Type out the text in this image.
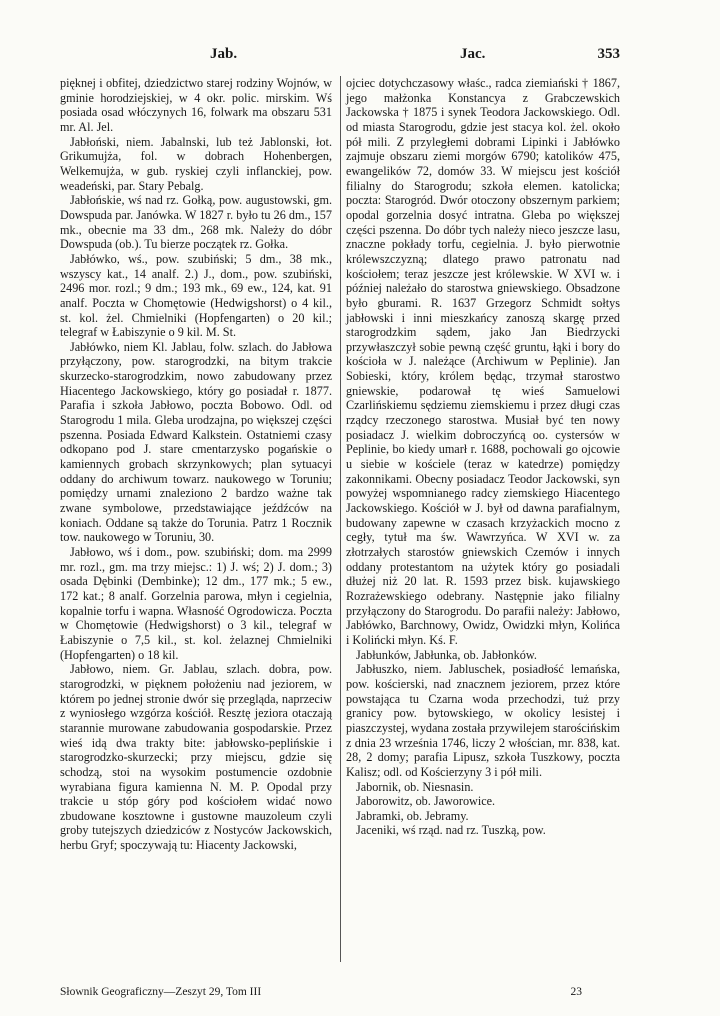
Jab.	Jac.	353

pięknej i obfitej, dziedzictwo starej rodziny Wojnów, w gminie horodziejskiej, w 4 okr. polic. mirskim. Wś posiada osad włóczynych 16, folwark ma obszaru 531 mr. Al. Jel.

Jabłoński, niem. Jabalnski, lub też Jablonski, łot. Grikumujża, fol. w dobrach Hohenbergen, Welkemujża, w gub. ryskiej czyli inflanckiej, pow. weadeński, par. Stary Pebalg.

Jabłońskie, wś nad rz. Gołką, pow. augustowski, gm. Dowspuda par. Janówka. W 1827 r. było tu 26 dm., 157 mk., obecnie ma 33 dm., 268 mk. Należy do dóbr Dowspuda (ob.). Tu bierze początek rz. Gołka.

Jabłówko, wś., pow. szubiński; 5 dm., 38 mk., wszyscy kat., 14 analf. 2.) J., dom., pow. szubiński, 2496 mor. rozl.; 9 dm.; 193 mk., 69 ew., 124, kat. 91 analf. Poczta w Chomętowie (Hedwigshorst) o 4 kil., st. kol. żel. Chmielniki (Hopfengarten) o 20 kil.; telegraf w Łabiszynie o 9 kil. M. St.

Jabłówko, niem Kl. Jablau, folw. szlach. do Jabłowa przyłączony, pow. starogrodzki, na bitym trakcie skurzecko-starogrodzkim, nowo zabudowany przez Hiacentego Jackowskiego, który go posiadał r. 1877. Parafia i szkoła Jabłowo, poczta Bobowo. Odl. od Starogrodu 1 mila. Gleba urodzajna, po większej części pszenna. Posiada Edward Kalkstein. Ostatniemi czasy odkopano pod J. stare cmentarzysko pogańskie o kamiennych grobach skrzynkowych; plan sytuacyi oddany do archiwum towarz. naukowego w Toruniu; pomiędzy urnami znaleziono 2 bardzo ważne tak zwane symbolowe, przedstawiające jeźdźców na koniach. Oddane są także do Torunia. Patrz 1 Rocznik tow. naukowego w Toruniu, 30.

Jabłowo, wś i dom., pow. szubiński; dom. ma 2999 mr. rozl., gm. ma trzy miejsc.: 1) J. wś; 2) J. dom.; 3) osada Dębinki (Dembinke); 12 dm., 177 mk.; 5 ew., 172 kat.; 8 analf. Gorzelnia parowa, młyn i cegielnia, kopalnie torfu i wapna. Własność Ogrodowicza. Poczta w Chomętowie (Hedwigshorst) o 3 kil., telegraf w Łabiszynie o 7,5 kil., st. kol. żelaznej Chmielniki (Hopfengarten) o 18 kil.

Jabłowo, niem. Gr. Jablau, szlach. dobra, pow. starogrodzki, w pięknem położeniu nad jeziorem, w którem po jednej stronie dwór się przegląda, naprzeciw z wyniosłego wzgórza kościół. Resztę jeziora otaczają starannie murowane zabudowania gospodarskie. Przez wieś idą dwa trakty bite: jabłowsko-peplińskie i starogrodzko-skurzecki; przy miejscu, gdzie się schodzą, stoi na wysokim postumencie ozdobnie wyrabiana figura kamienna N. M. P. Opodal przy trakcie u stóp góry pod kościołem widać nowo zbudowane kosztowne i gustowne mauzoleum czyli groby tutejszych dziedziców z Nostyców Jackowskich, herbu Gryf; spoczywają tu: Hiacenty Jackowski,

ojciec dotychczasowy właśc., radca ziemiański † 1867, jego małżonka Konstancya z Grabczewskich Jackowska † 1875 i synek Teodora Jackowskiego. Odl. od miasta Starogrodu, gdzie jest stacya kol. żel. około pół mili. Z przyległemi dobrami Lipinki i Jabłówko zajmuje obszaru ziemi morgów 6790; katolików 475, ewangelików 72, domów 33. W miejscu jest kościół filialny do Starogrodu; szkoła elemen. katolicka; poczta: Starogród. Dwór otoczony obszernym parkiem; opodal gorzelnia dosyć intratna. Gleba po większej części pszenna. Do dóbr tych należy nieco jeszcze lasu, znaczne pokłady torfu, cegielnia. J. było pierwotnie królewszczyzną; dlatego prawo patronatu nad kościołem; teraz jeszcze jest królewskie. W XVI w. i później należało do starostwa gniewskiego. Obsadzone było gburami. R. 1637 Grzegorz Schmidt sołtys jabłowski i inni mieszkańcy zanoszą skargę przed starogrodzkim sądem, jako Jan Biedrzycki przywłaszczył sobie pewną część gruntu, łąki i bory do kościoła w J. należące (Archiwum w Peplinie). Jan Sobieski, który, królem będąc, trzymał starostwo gniewskie, podarował tę wieś Samuelowi Czarlińskiemu sędziemu ziemskiemu i przez długi czas rządcy rzeczonego starostwa. Musiał być ten nowy posiadacz J. wielkim dobroczyńcą oo. cystersów w Peplinie, bo kiedy umarł r. 1688, pochowali go ojcowie u siebie w kościele (teraz w katedrze) pomiędzy zakonnikami. Obecny posiadacz Teodor Jackowski, syn powyżej wspomnianego radcy ziemskiego Hiacentego Jackowskiego. Kościół w J. był od dawna parafialnym, budowany zapewne w czasach krzyżackich mocno z cegły, tytuł ma św. Wawrzyńca. W XVI w. za złotrzałych starostów gniewskich Czemów i innych oddany protestantom na użytek który go posiadali dłużej niż 20 lat. R. 1593 przez bisk. kujawskiego Rozrażewskiego odebrany. Następnie jako filialny przyłączony do Starogrodu. Do parafii należy: Jabłowo, Jabłówko, Barchnowy, Owidz, Owidzki młyn, Kolińca i Kolińcki młyn. Kś. F.

Jabłunków, Jabłunka, ob. Jabłonków.

Jabłuszko, niem. Jabluschek, posiadłość lemańska, pow. kościerski, nad znacznem jeziorem, przez które powstająca tu Czarna woda przechodzi, tuż przy granicy pow. bytowskiego, w okolicy lesistej i piaszczystej, wydana została przywilejem starościńskim z dnia 23 września 1746, liczy 2 włościan, mr. 838, kat. 28, 2 domy; parafia Lipusz, szkoła Tuszkowy, poczta Kalisz; odl. od Kościerzyny 3 i pół mili.

Jabornik, ob. Niesnasin.

Jaborowitz, ob. Jaworowice.

Jabramki, ob. Jebramy.

Jaceniki, wś rząd. nad rz. Tuszką, pow.

Słownik Geograficzny—Zeszyt 29, Tom III	23
